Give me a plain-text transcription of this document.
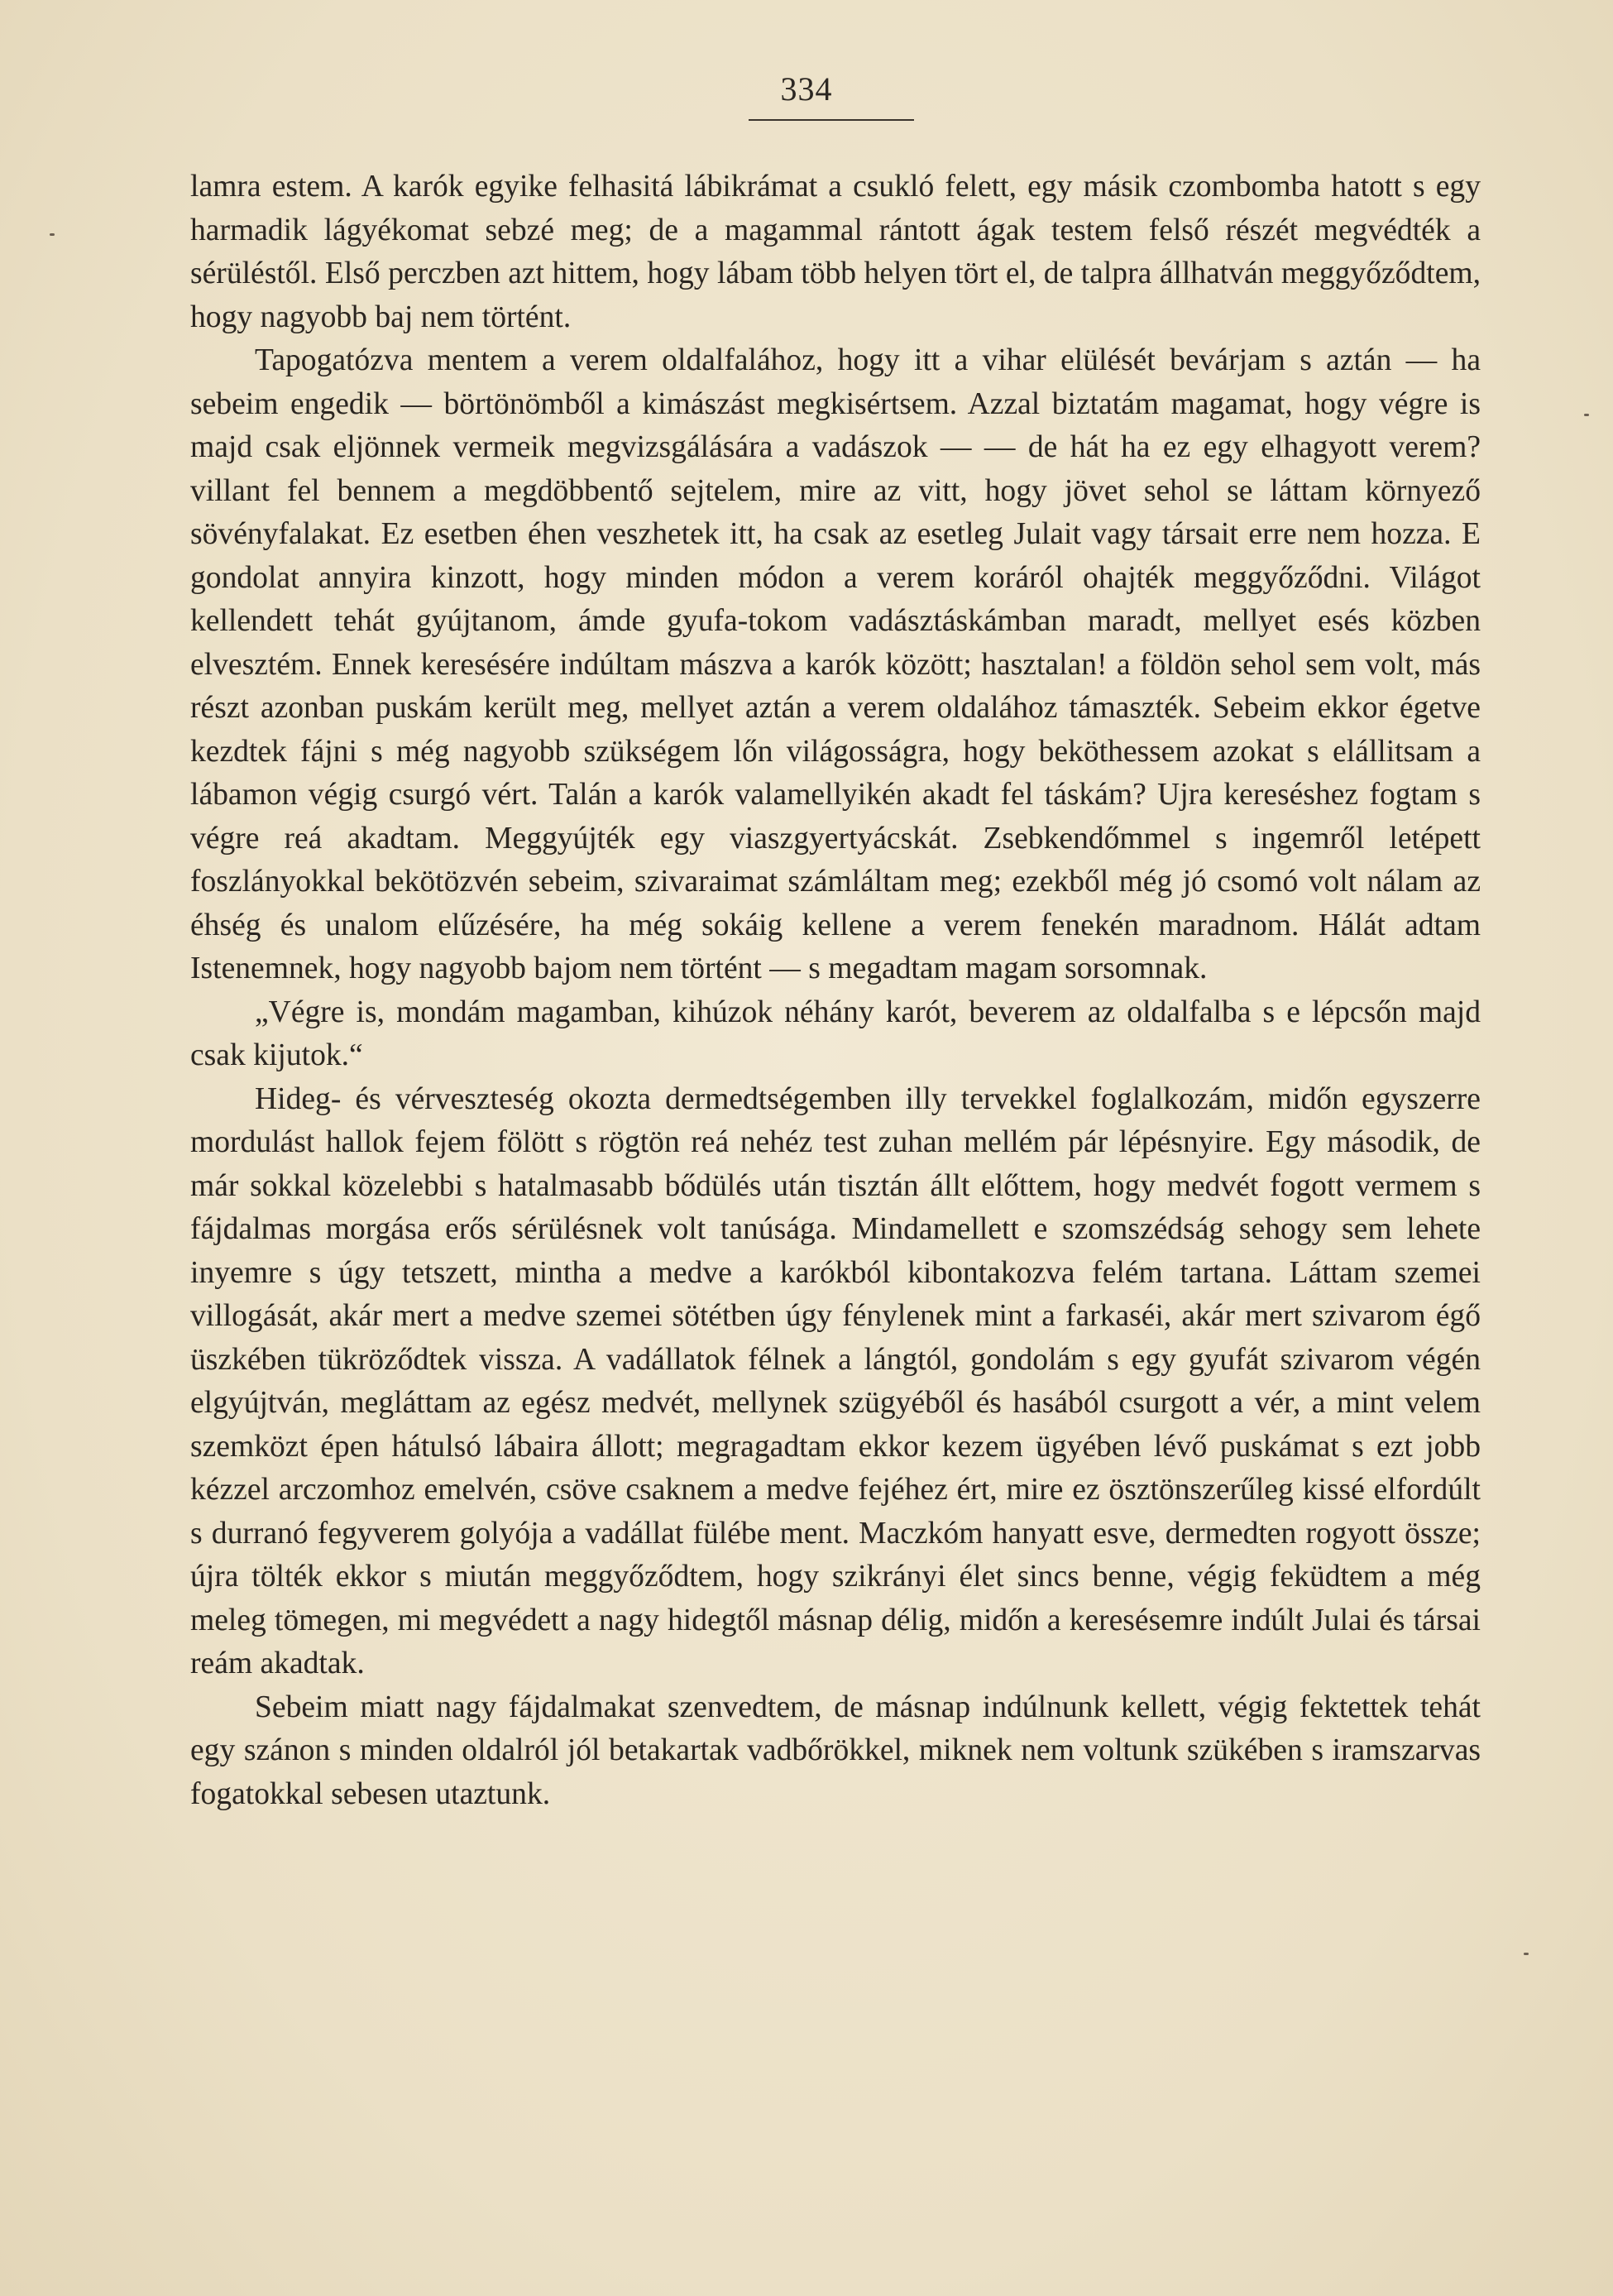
334

lamra estem. A karók egyike felhasitá lábikrámat a csukló felett, egy másik czombomba hatott s egy harmadik lágyékomat sebzé meg; de a magammal rántott ágak testem felső részét megvédték a sérüléstől. Első perczben azt hittem, hogy lábam több helyen tört el, de talpra állhatván meggyőződtem, hogy nagyobb baj nem történt.

Tapogatózva mentem a verem oldalfalához, hogy itt a vihar elülését bevárjam s aztán — ha sebeim engedik — börtönömből a kimászást megkisértsem. Azzal biztatám magamat, hogy végre is majd csak eljönnek vermeik megvizsgálására a vadászok — — de hát ha ez egy elhagyott verem? villant fel bennem a megdöbbentő sejtelem, mire az vitt, hogy jövet sehol se láttam környező sövényfalakat. Ez esetben éhen veszhetek itt, ha csak az esetleg Julait vagy társait erre nem hozza. E gondolat annyira kinzott, hogy minden módon a verem koráról ohajték meggyőződni. Világot kellendett tehát gyújtanom, ámde gyufa-tokom vadásztáskámban maradt, mellyet esés közben elvesztém. Ennek keresésére indúltam mászva a karók között; hasztalan! a földön sehol sem volt, más részt azonban puskám került meg, mellyet aztán a verem oldalához támaszték. Sebeim ekkor égetve kezdtek fájni s még nagyobb szükségem lőn világosságra, hogy beköthessem azokat s elállitsam a lábamon végig csurgó vért. Talán a karók valamellyikén akadt fel táskám? Ujra kereséshez fogtam s végre reá akadtam. Meggyújték egy viaszgyertyácskát. Zsebkendőmmel s ingemről letépett foszlányokkal bekötözvén sebeim, szivaraimat számláltam meg; ezekből még jó csomó volt nálam az éhség és unalom elűzésére, ha még sokáig kellene a verem fenekén maradnom. Hálát adtam Istenemnek, hogy nagyobb bajom nem történt — s megadtam magam sorsomnak.

„Végre is, mondám magamban, kihúzok néhány karót, beverem az oldalfalba s e lépcsőn majd csak kijutok.“

Hideg- és vérveszteség okozta dermedtségemben illy tervekkel foglalkozám, midőn egyszerre mordulást hallok fejem fölött s rögtön reá nehéz test zuhan mellém pár lépésnyire. Egy második, de már sokkal közelebbi s hatalmasabb bődülés után tisztán állt előttem, hogy medvét fogott vermem s fájdalmas morgása erős sérülésnek volt tanúsága. Mindamellett e szomszédság sehogy sem lehete inyemre s úgy tetszett, mintha a medve a karókból kibontakozva felém tartana. Láttam szemei villogását, akár mert a medve szemei sötétben úgy fénylenek mint a farkaséi, akár mert szivarom égő üszkében tükröződtek vissza. A vadállatok félnek a lángtól, gondolám s egy gyufát szivarom végén elgyújtván, megláttam az egész medvét, mellynek szügyéből és hasából csurgott a vér, a mint velem szemközt épen hátulsó lábaira állott; megragadtam ekkor kezem ügyében lévő puskámat s ezt jobb kézzel arczomhoz emelvén, csöve csaknem a medve fejéhez ért, mire ez ösztönszerűleg kissé elfordúlt s durranó fegyverem golyója a vadállat fülébe ment. Maczkóm hanyatt esve, dermedten rogyott össze; újra tölték ekkor s miután meggyőződtem, hogy szikrányi élet sincs benne, végig feküdtem a még meleg tömegen, mi megvédett a nagy hidegtől másnap délig, midőn a keresésemre indúlt Julai és társai reám akadtak.

Sebeim miatt nagy fájdalmakat szenvedtem, de másnap indúlnunk kellett, végig fektettek tehát egy szánon s minden oldalról jól betakartak vadbőrökkel, miknek nem voltunk szükében s iramszarvas fogatokkal sebesen utaztunk.
